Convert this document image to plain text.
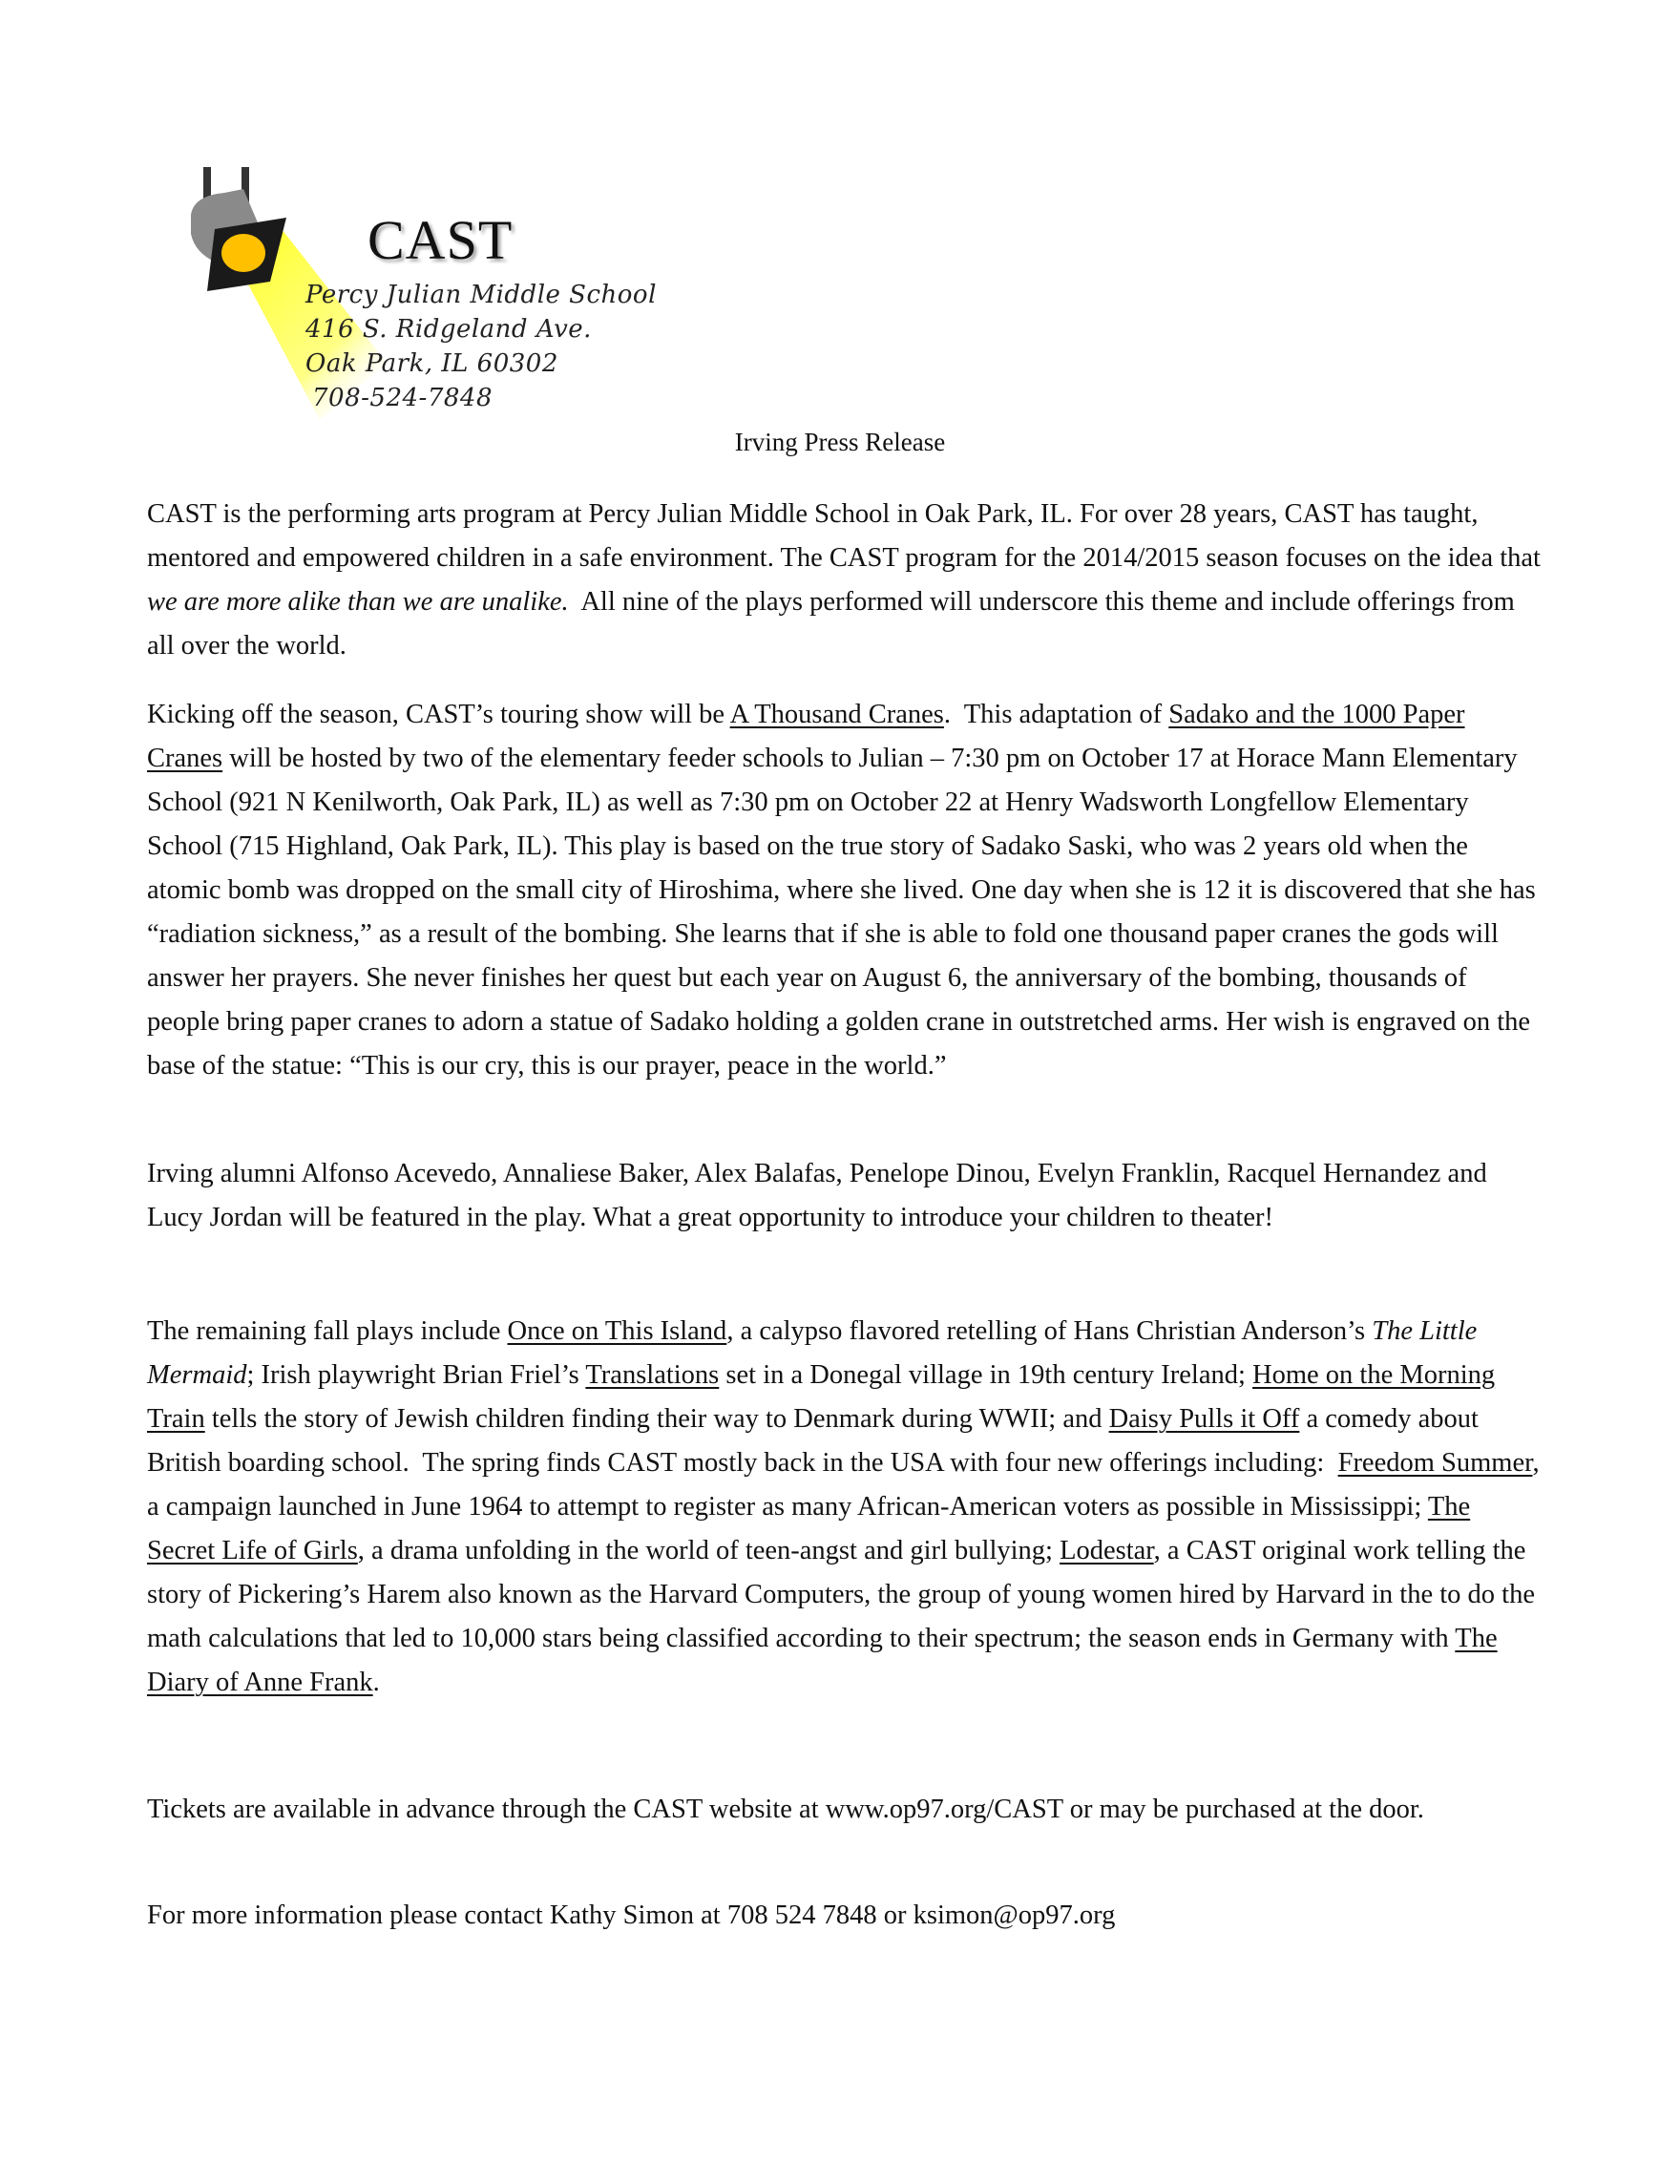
CAST
Percy Julian Middle School
416 S. Ridgeland Ave.
Oak Park, IL 60302
708-524-7848
Irving Press Release

CAST is the performing arts program at Percy Julian Middle School in Oak Park, IL. For over 28 years, CAST has taught, mentored and empowered children in a safe environment. The CAST program for the 2014/2015 season focuses on the idea that we are more alike than we are unalike.  All nine of the plays performed will underscore this theme and include offerings from all over the world.

Kicking off the season, CAST’s touring show will be A Thousand Cranes.  This adaptation of Sadako and the 1000 Paper Cranes will be hosted by two of the elementary feeder schools to Julian – 7:30 pm on October 17 at Horace Mann Elementary School (921 N Kenilworth, Oak Park, IL) as well as 7:30 pm on October 22 at Henry Wadsworth Longfellow Elementary School (715 Highland, Oak Park, IL). This play is based on the true story of Sadako Saski, who was 2 years old when the atomic bomb was dropped on the small city of Hiroshima, where she lived. One day when she is 12 it is discovered that she has “radiation sickness,” as a result of the bombing. She learns that if she is able to fold one thousand paper cranes the gods will answer her prayers. She never finishes her quest but each year on August 6, the anniversary of the bombing, thousands of people bring paper cranes to adorn a statue of Sadako holding a golden crane in outstretched arms. Her wish is engraved on the base of the statue: “This is our cry, this is our prayer, peace in the world.”

Irving alumni Alfonso Acevedo, Annaliese Baker, Alex Balafas, Penelope Dinou, Evelyn Franklin, Racquel Hernandez and Lucy Jordan will be featured in the play. What a great opportunity to introduce your children to theater!

The remaining fall plays include Once on This Island, a calypso flavored retelling of Hans Christian Anderson’s The Little Mermaid; Irish playwright Brian Friel’s Translations set in a Donegal village in 19th century Ireland; Home on the Morning Train tells the story of Jewish children finding their way to Denmark during WWII; and Daisy Pulls it Off a comedy about British boarding school.  The spring finds CAST mostly back in the USA with four new offerings including:  Freedom Summer, a campaign launched in June 1964 to attempt to register as many African-American voters as possible in Mississippi; The Secret Life of Girls, a drama unfolding in the world of teen-angst and girl bullying; Lodestar, a CAST original work telling the story of Pickering’s Harem also known as the Harvard Computers, the group of young women hired by Harvard in the to do the math calculations that led to 10,000 stars being classified according to their spectrum; the season ends in Germany with The Diary of Anne Frank.

Tickets are available in advance through the CAST website at www.op97.org/CAST or may be purchased at the door.

For more information please contact Kathy Simon at 708 524 7848 or ksimon@op97.org
